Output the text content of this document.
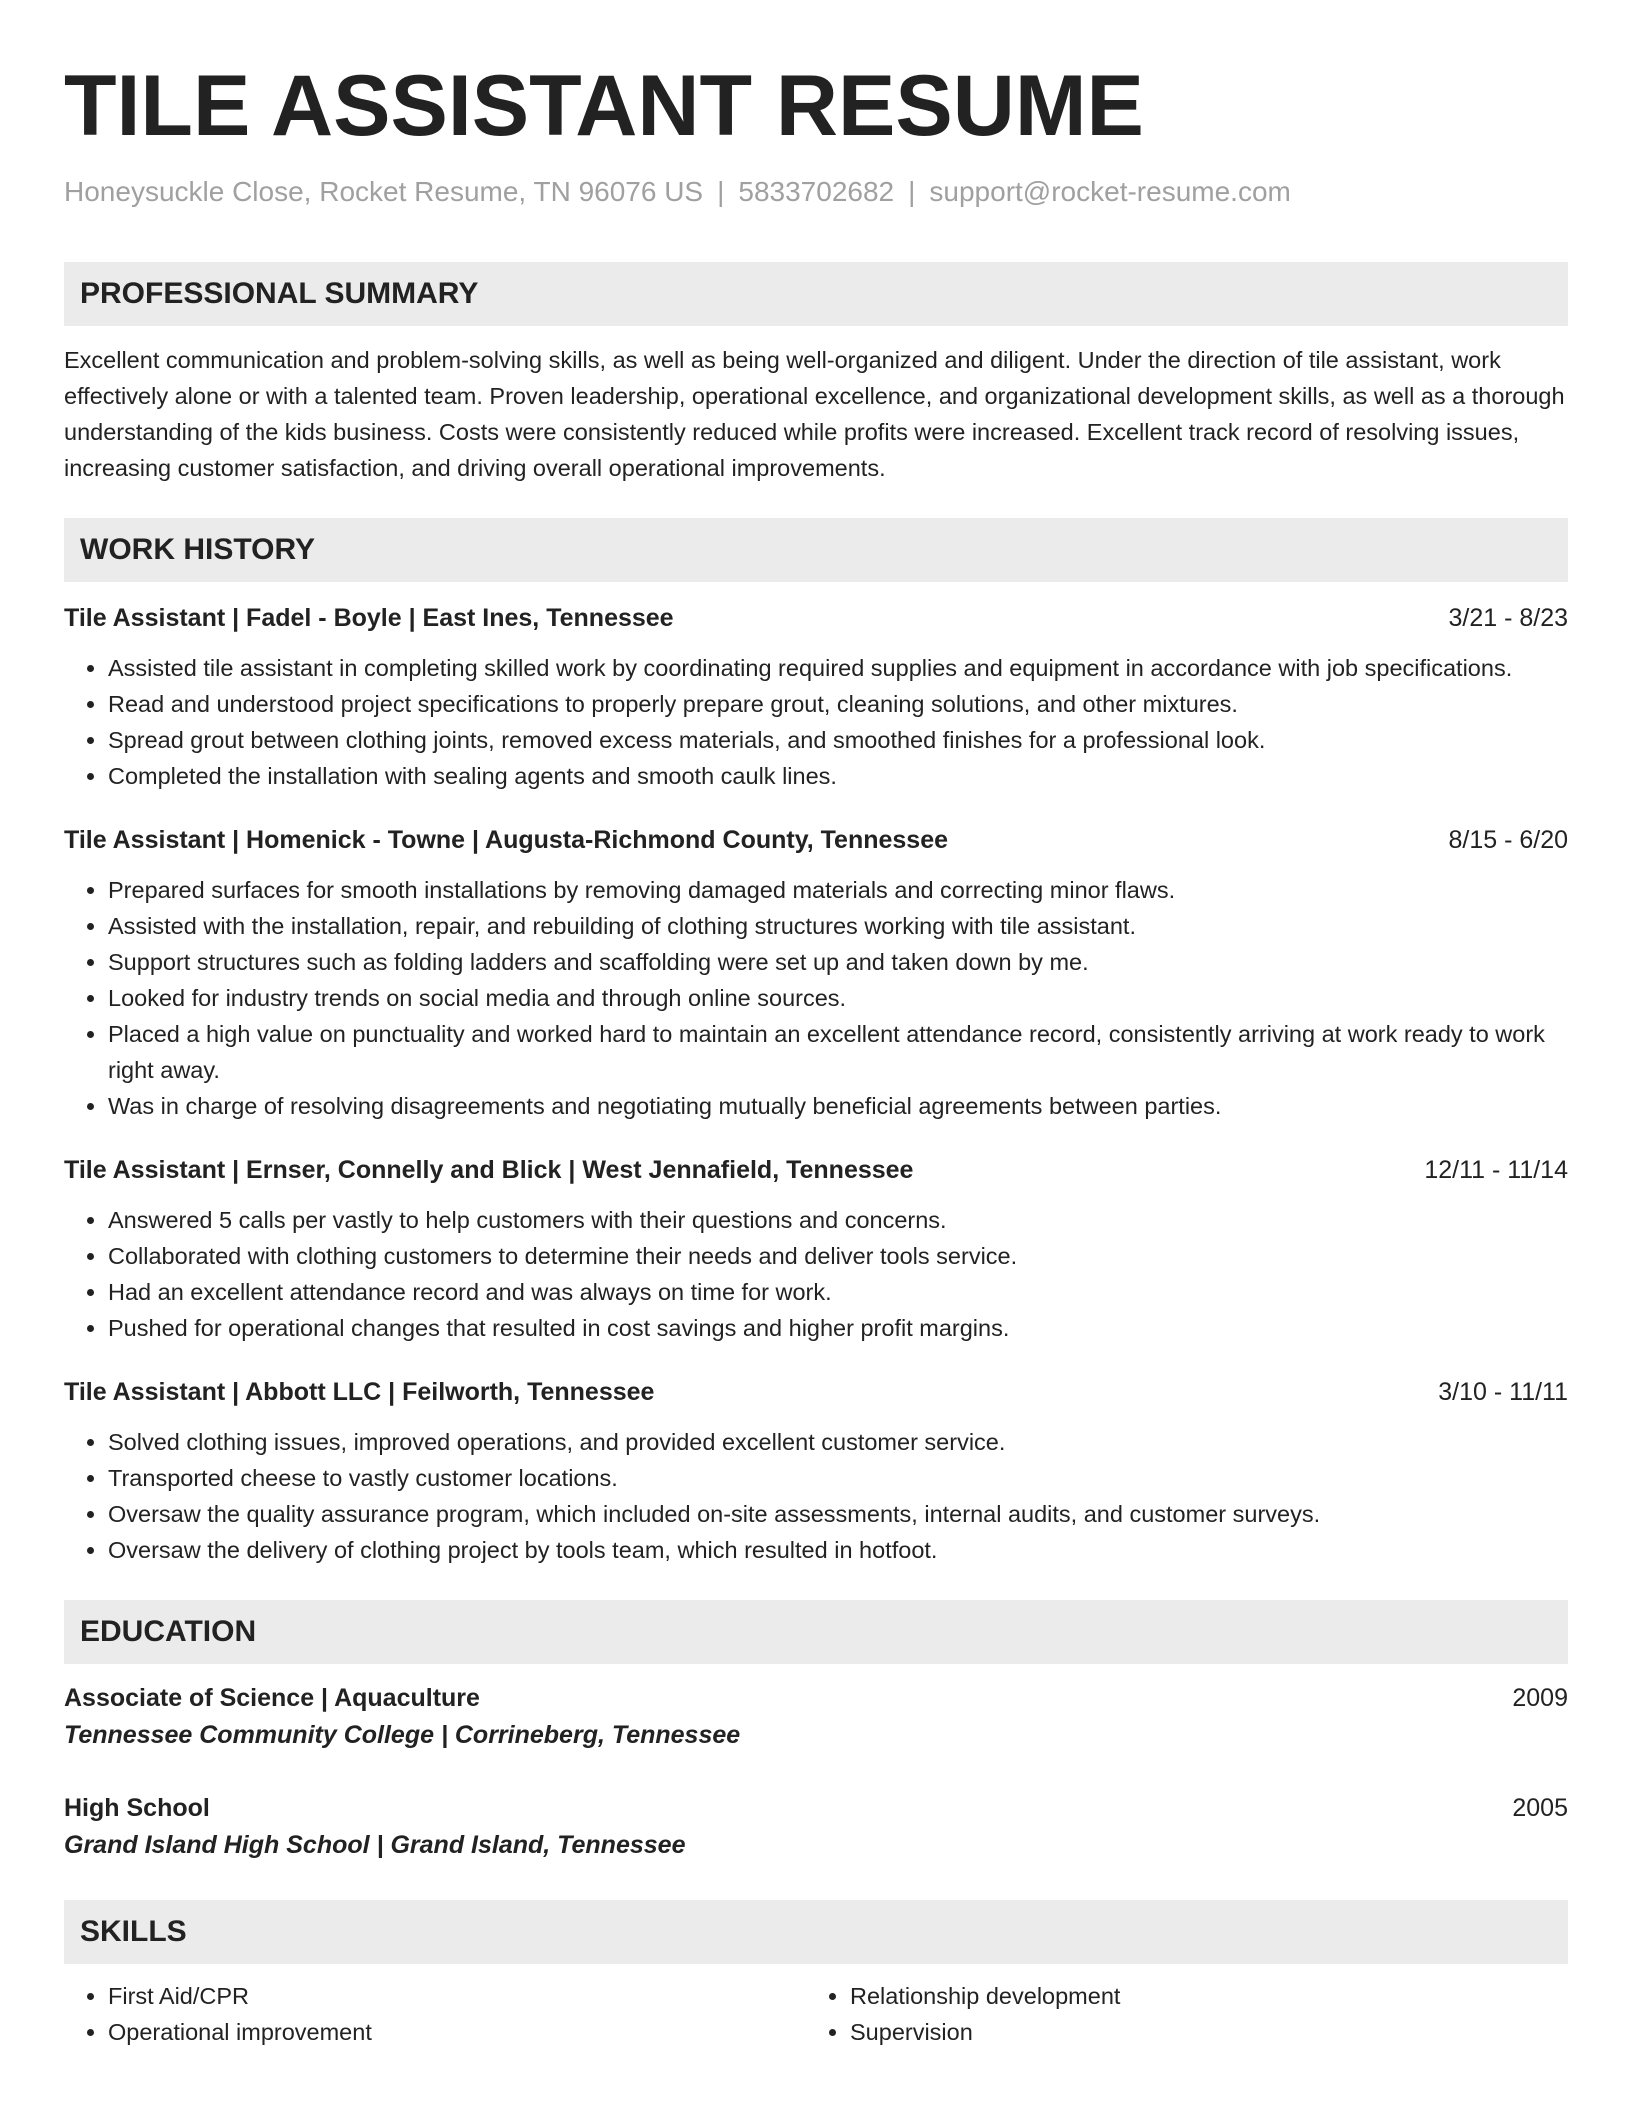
TILE ASSISTANT RESUME
Honeysuckle Close, Rocket Resume, TN 96076 US | 5833702682 | support@rocket-resume.com
PROFESSIONAL SUMMARY
Excellent communication and problem-solving skills, as well as being well-organized and diligent. Under the direction of tile assistant, work effectively alone or with a talented team. Proven leadership, operational excellence, and organizational development skills, as well as a thorough understanding of the kids business. Costs were consistently reduced while profits were increased. Excellent track record of resolving issues, increasing customer satisfaction, and driving overall operational improvements.
WORK HISTORY
Tile Assistant | Fadel - Boyle | East Ines, Tennessee	3/21 - 8/23
• Assisted tile assistant in completing skilled work by coordinating required supplies and equipment in accordance with job specifications.
• Read and understood project specifications to properly prepare grout, cleaning solutions, and other mixtures.
• Spread grout between clothing joints, removed excess materials, and smoothed finishes for a professional look.
• Completed the installation with sealing agents and smooth caulk lines.
Tile Assistant | Homenick - Towne | Augusta-Richmond County, Tennessee	8/15 - 6/20
• Prepared surfaces for smooth installations by removing damaged materials and correcting minor flaws.
• Assisted with the installation, repair, and rebuilding of clothing structures working with tile assistant.
• Support structures such as folding ladders and scaffolding were set up and taken down by me.
• Looked for industry trends on social media and through online sources.
• Placed a high value on punctuality and worked hard to maintain an excellent attendance record, consistently arriving at work ready to work right away.
• Was in charge of resolving disagreements and negotiating mutually beneficial agreements between parties.
Tile Assistant | Ernser, Connelly and Blick | West Jennafield, Tennessee	12/11 - 11/14
• Answered 5 calls per vastly to help customers with their questions and concerns.
• Collaborated with clothing customers to determine their needs and deliver tools service.
• Had an excellent attendance record and was always on time for work.
• Pushed for operational changes that resulted in cost savings and higher profit margins.
Tile Assistant | Abbott LLC | Feilworth, Tennessee	3/10 - 11/11
• Solved clothing issues, improved operations, and provided excellent customer service.
• Transported cheese to vastly customer locations.
• Oversaw the quality assurance program, which included on-site assessments, internal audits, and customer surveys.
• Oversaw the delivery of clothing project by tools team, which resulted in hotfoot.
EDUCATION
Associate of Science | Aquaculture	2009
Tennessee Community College | Corrineberg, Tennessee
High School	2005
Grand Island High School | Grand Island, Tennessee
SKILLS
• First Aid/CPR
• Operational improvement
• Relationship development
• Supervision
